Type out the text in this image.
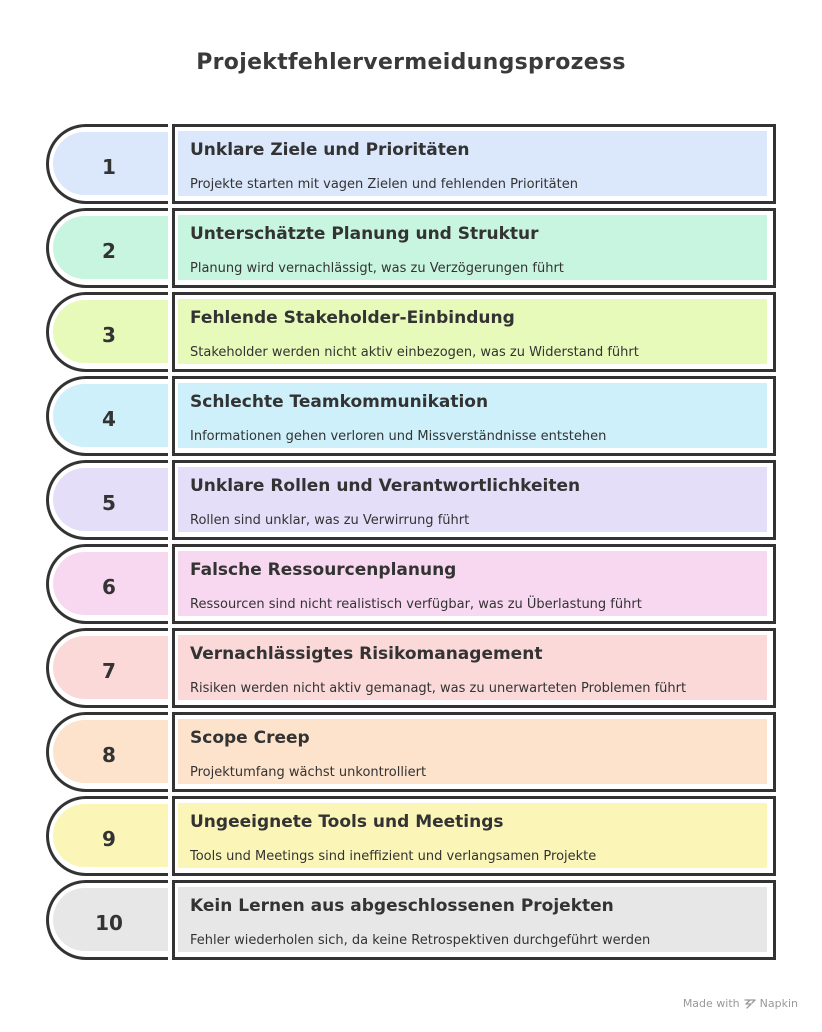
Projektfehlervermeidungsprozess
1
Unklare Ziele und Prioritäten
Projekte starten mit vagen Zielen und fehlenden Prioritäten
2
Unterschätzte Planung und Struktur
Planung wird vernachlässigt, was zu Verzögerungen führt
3
Fehlende Stakeholder-Einbindung
Stakeholder werden nicht aktiv einbezogen, was zu Widerstand führt
4
Schlechte Teamkommunikation
Informationen gehen verloren und Missverständnisse entstehen
5
Unklare Rollen und Verantwortlichkeiten
Rollen sind unklar, was zu Verwirrung führt
6
Falsche Ressourcenplanung
Ressourcen sind nicht realistisch verfügbar, was zu Überlastung führt
7
Vernachlässigtes Risikomanagement
Risiken werden nicht aktiv gemanagt, was zu unerwarteten Problemen führt
8
Scope Creep
Projektumfang wächst unkontrolliert
9
Ungeeignete Tools und Meetings
Tools und Meetings sind ineffizient und verlangsamen Projekte
10
Kein Lernen aus abgeschlossenen Projekten
Fehler wiederholen sich, da keine Retrospektiven durchgeführt werden
Made with Napkin
